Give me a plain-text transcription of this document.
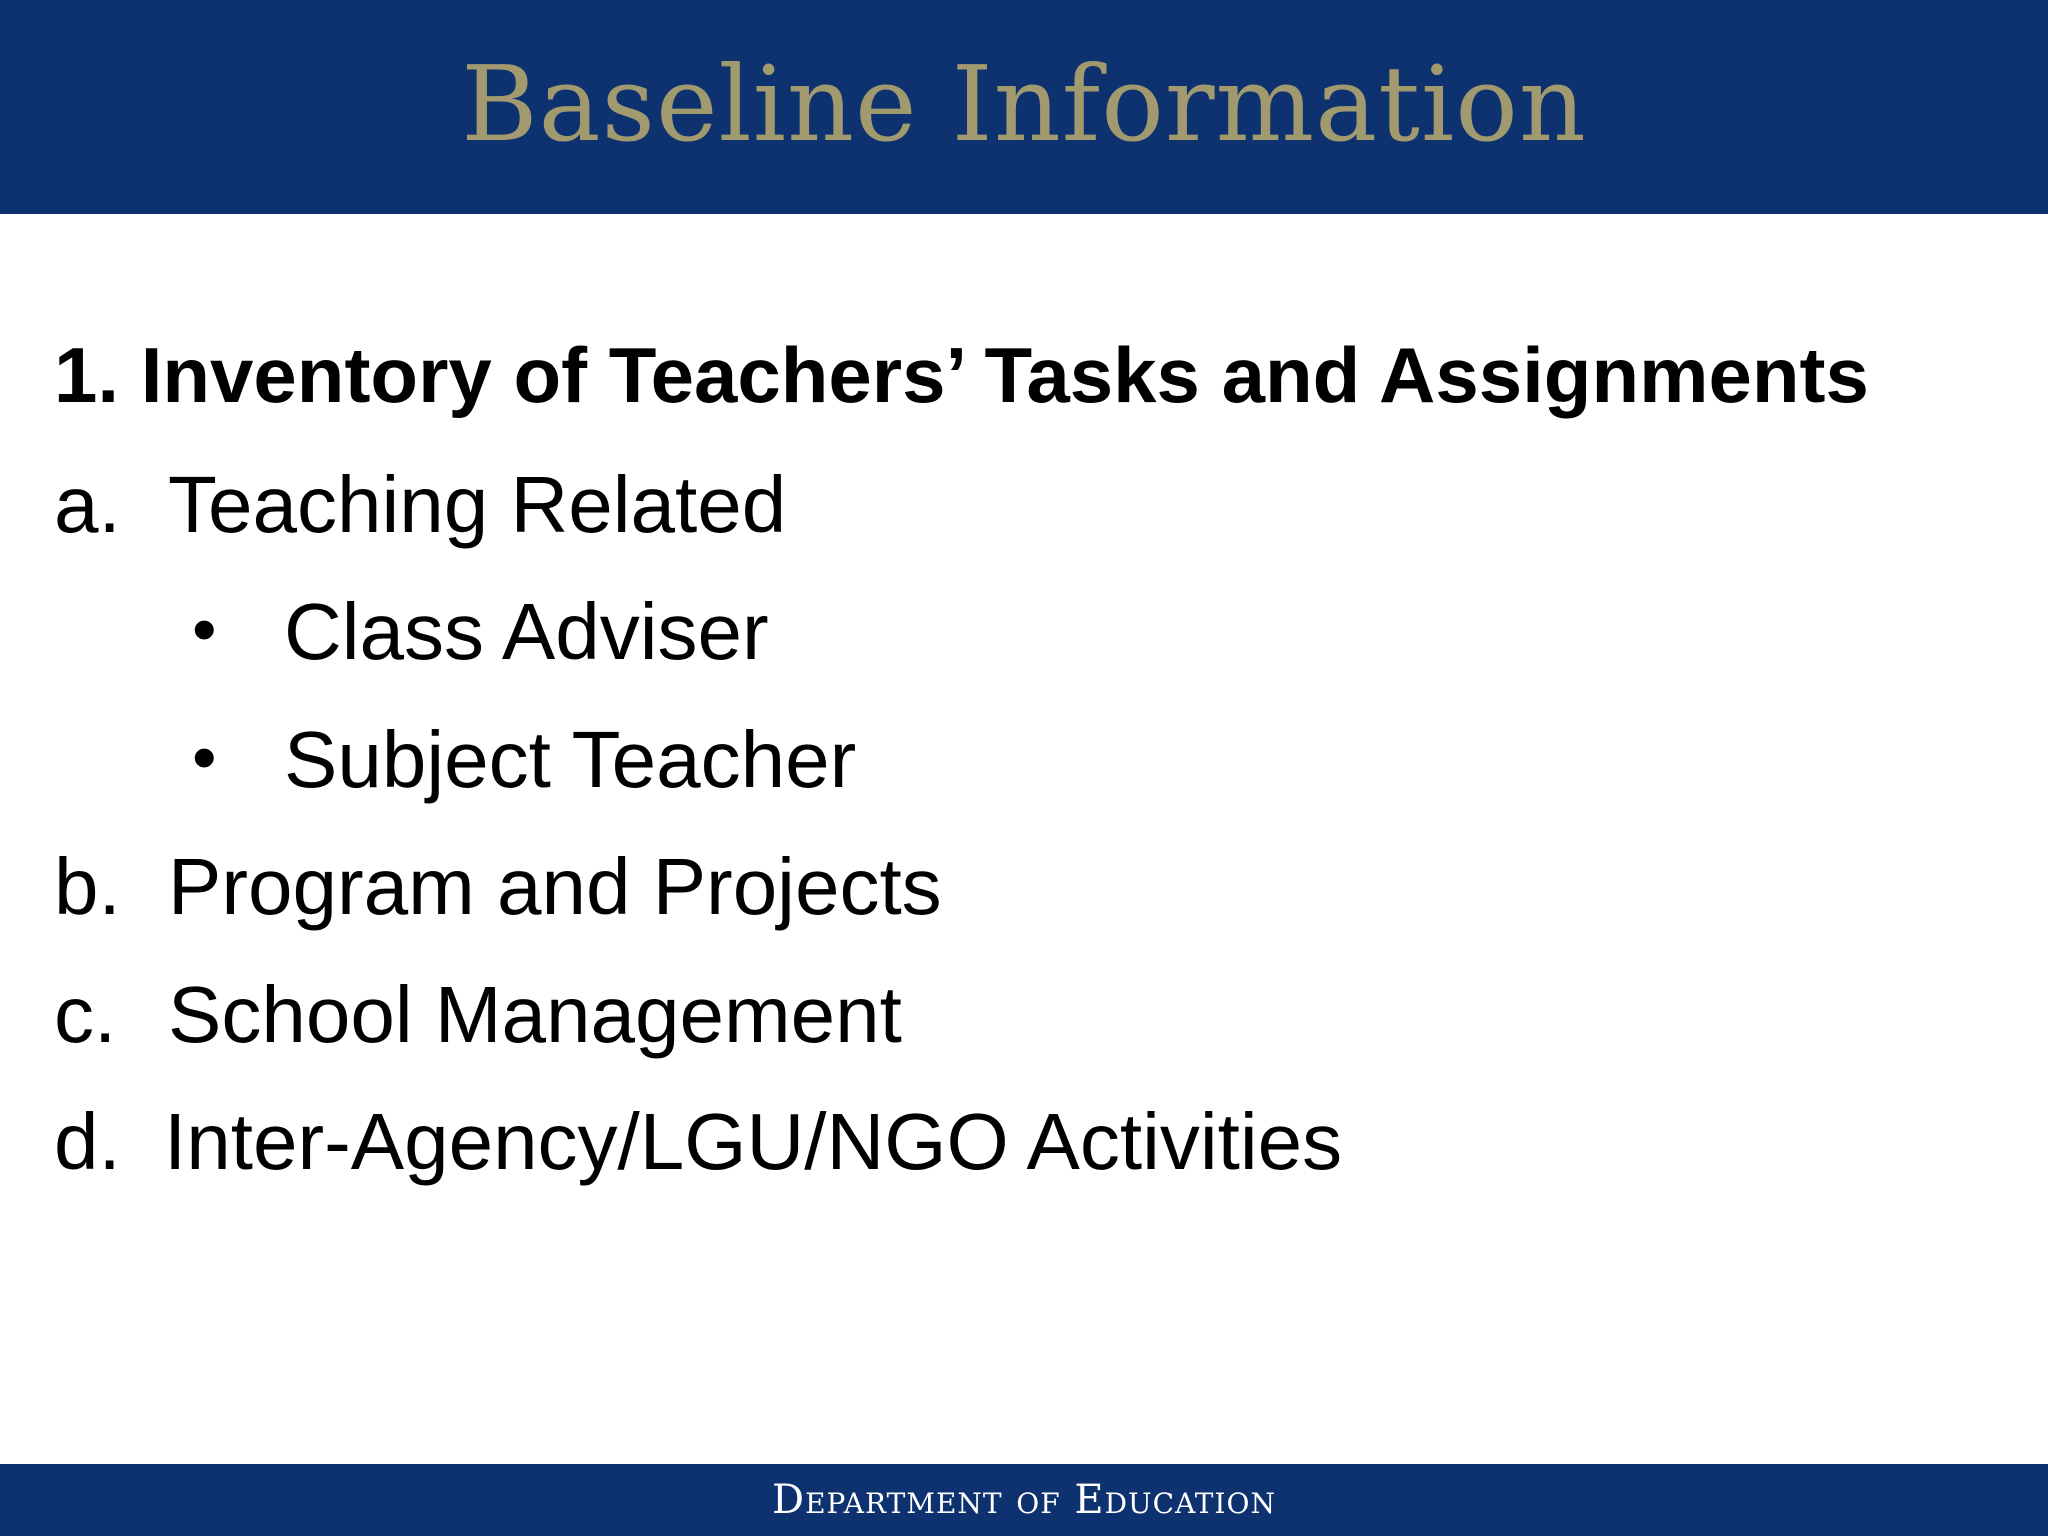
Baseline Information
1. Inventory of Teachers’ Tasks and Assignments
a. Teaching Related
• Class Adviser
• Subject Teacher
b. Program and Projects
c. School Management
d. Inter-Agency/LGU/NGO Activities
Department of Education
